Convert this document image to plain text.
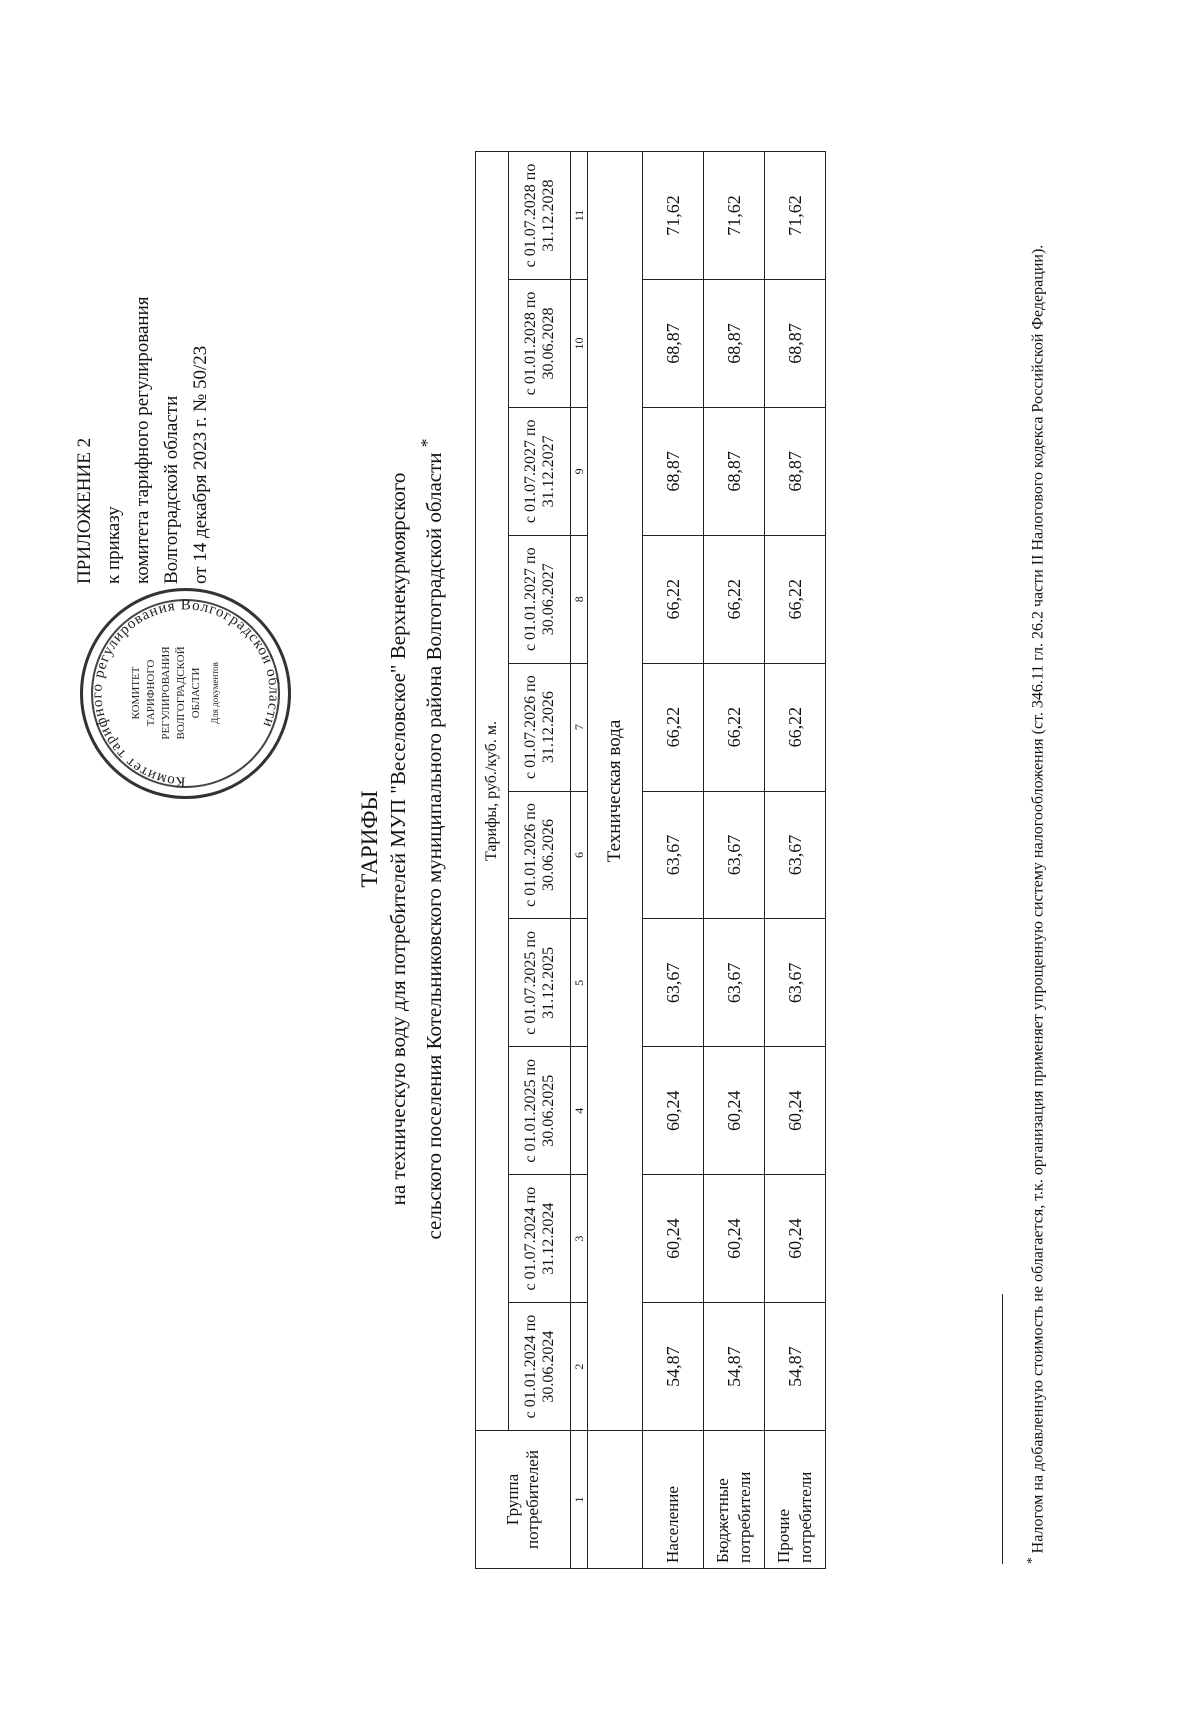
ПРИЛОЖЕНИЕ 2 к приказу комитета тарифного регулирования Волгоградской области от 14 декабря 2023 г. № 50/23
Комитет тарифного регулирования Волгоградской области
КОМИТЕТ ТАРИФНОГО РЕГУЛИРОВАНИЯ ВОЛГОГРАДСКОЙ ОБЛАСТИ Для документов
ТАРИФЫ на техническую воду для потребителей МУП "Веселовское" Верхнекурмоярского сельского поселения Котельниковского муниципального района Волгоградской области *
Группа потребителей	Тарифы, руб./куб. м.									
	с 01.01.2024 по 30.06.2024	с 01.07.2024 по 31.12.2024	с 01.01.2025 по 30.06.2025	с 01.07.2025 по 31.12.2025	с 01.01.2026 по 30.06.2026	с 01.07.2026 по 31.12.2026	с 01.01.2027 по 30.06.2027	с 01.07.2027 по 31.12.2027	с 01.01.2028 по 30.06.2028	с 01.07.2028 по 31.12.2028
1	2	3	4	5	6	7	8	9	10	11
	Техническая вода									
Население	54,87	60,24	60,24	63,67	63,67	66,22	66,22	68,87	68,87	71,62
Бюджетные потребители	54,87	60,24	60,24	63,67	63,67	66,22	66,22	68,87	68,87	71,62
Прочие потребители	54,87	60,24	60,24	63,67	63,67	66,22	66,22	68,87	68,87	71,62
* Налогом на добавленную стоимость не облагается, т.к. организация применяет упрощенную систему налогообложения (ст. 346.11 гл. 26.2 части II Налогового кодекса Российской Федерации).
